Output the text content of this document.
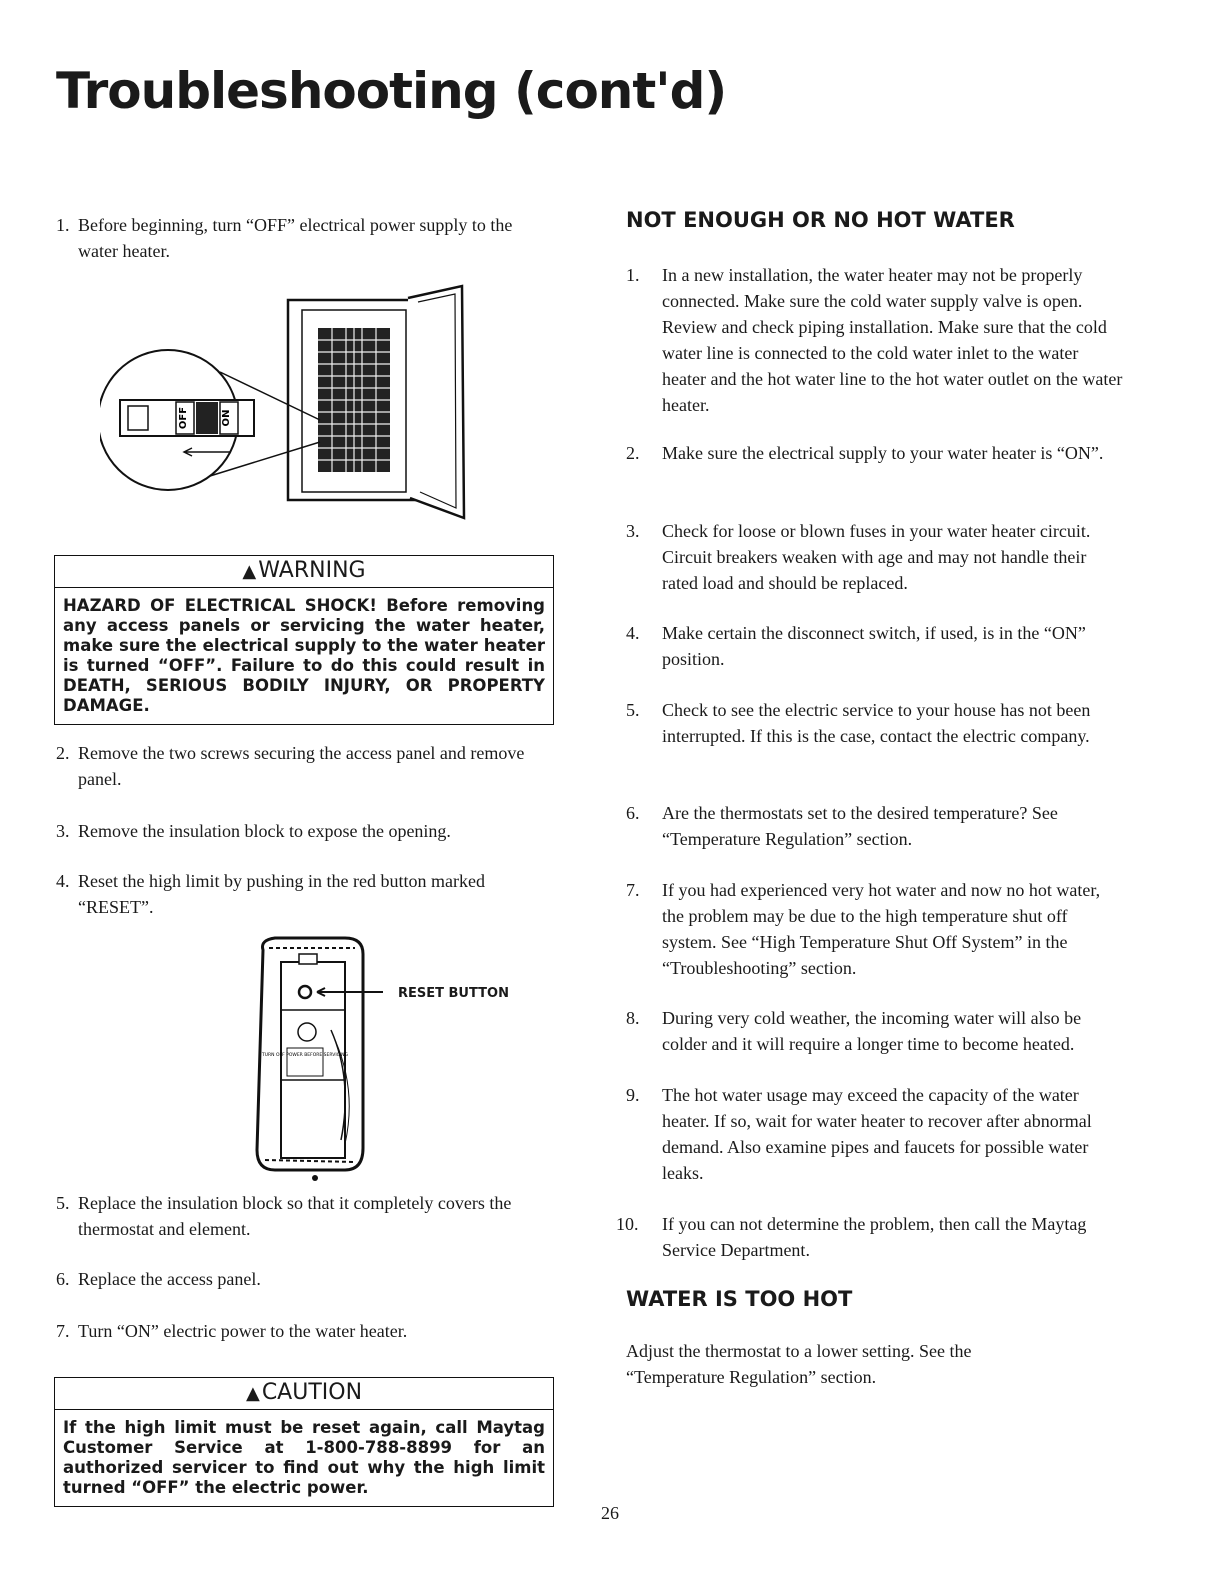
Troubleshooting (cont'd)
1. Before beginning, turn “OFF” electrical power supply to the water heater.
OFF	ON
▲WARNING
HAZARD OF ELECTRICAL SHOCK! Before removing any access panels or servicing the water heater, make sure the electrical supply to the water heater is turned “OFF”. Failure to do this could result in DEATH, SERIOUS BODILY INJURY, OR PROPERTY DAMAGE.
2. Remove the two screws securing the access panel and remove panel.
3. Remove the insulation block to expose the opening.
4. Reset the high limit by pushing in the red button marked “RESET”.
TURN OFF POWER BEFORE SERVICING
RESET BUTTON
5. Replace the insulation block so that it completely covers the thermostat and element.
6. Replace the access panel.
7. Turn “ON” electric power to the water heater.
▲CAUTION
If the high limit must be reset again, call Maytag Customer Service at 1-800-788-8899 for an authorized servicer to find out why the high limit turned “OFF” the electric power.
NOT ENOUGH OR NO HOT WATER
1. In a new installation, the water heater may not be properly connected. Make sure the cold water supply valve is open. Review and check piping installation. Make sure that the cold water line is connected to the cold water inlet to the water heater and the hot water line to the hot water outlet on the water heater.
2. Make sure the electrical supply to your water heater is “ON”.
3. Check for loose or blown fuses in your water heater circuit. Circuit breakers weaken with age and may not handle their rated load and should be replaced.
4. Make certain the disconnect switch, if used, is in the “ON” position.
5. Check to see the electric service to your house has not been interrupted. If this is the case, contact the electric company.
6. Are the thermostats set to the desired temperature? See “Temperature Regulation” section.
7. If you had experienced very hot water and now no hot water, the problem may be due to the high temperature shut off system. See “High Temperature Shut Off System” in the “Troubleshooting” section.
8. During very cold weather, the incoming water will also be colder and it will require a longer time to become heated.
9. The hot water usage may exceed the capacity of the water heater. If so, wait for water heater to recover after abnormal demand. Also examine pipes and faucets for possible water leaks.
10. If you can not determine the problem, then call the Maytag Service Department.
WATER IS TOO HOT
Adjust the thermostat to a lower setting. See the “Temperature Regulation” section.
26
